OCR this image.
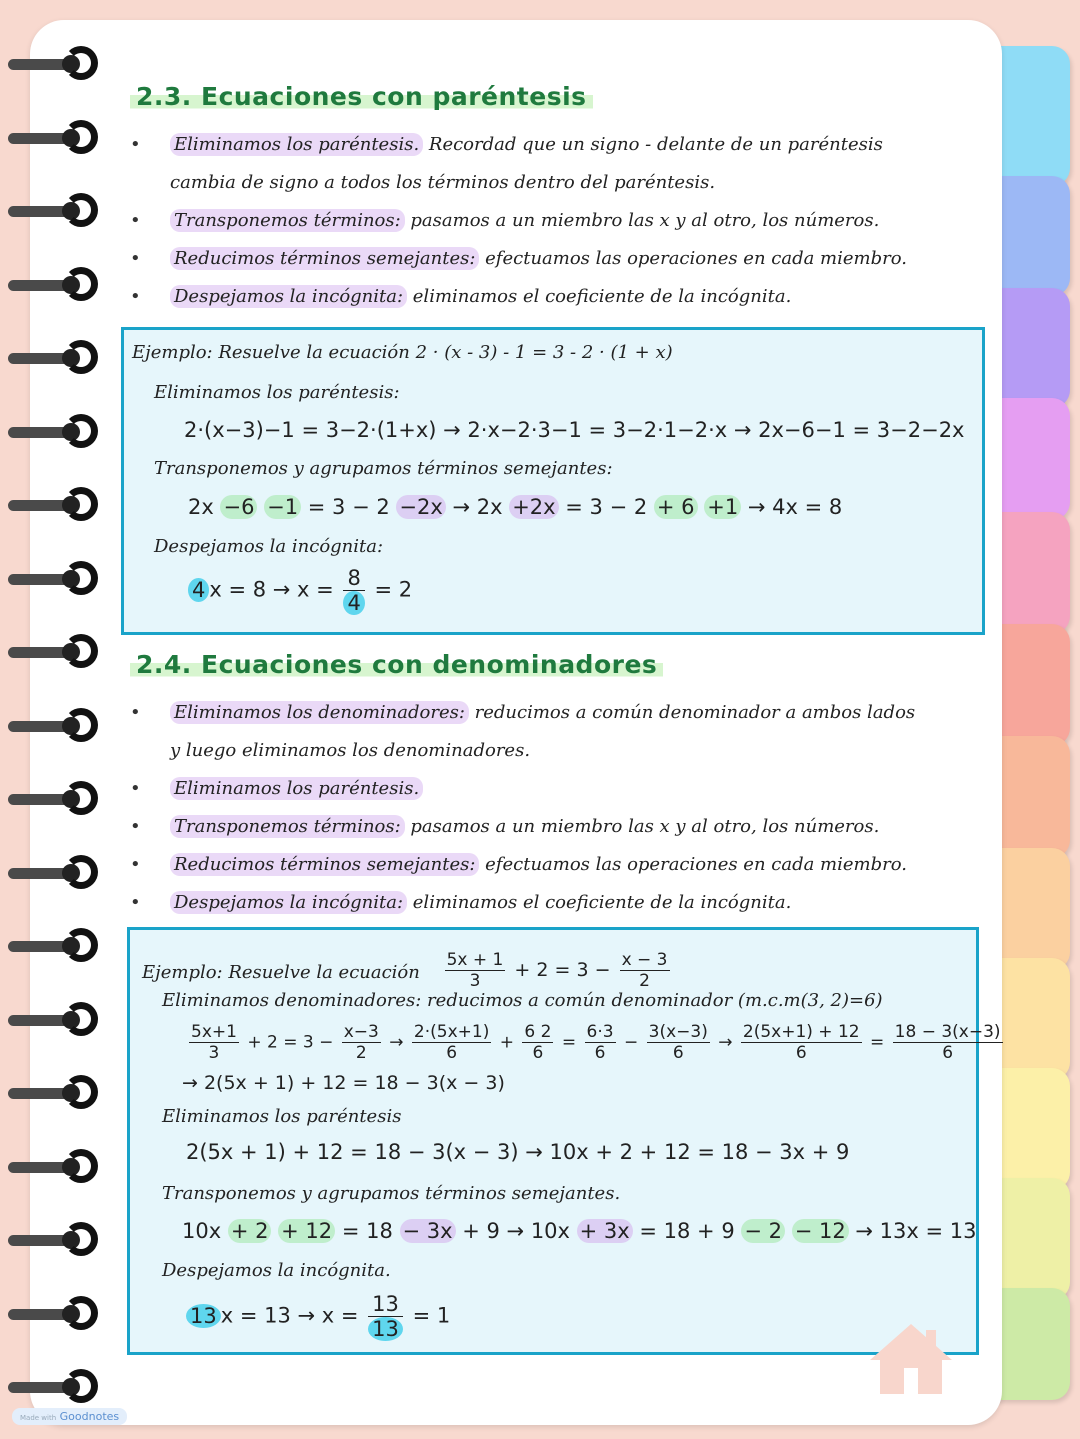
2.3. Ecuaciones con paréntesis
• Eliminamos los paréntesis. Recordad que un signo - delante de un paréntesis
cambia de signo a todos los términos dentro del paréntesis.
• Transponemos términos: pasamos a un miembro las x y al otro, los números.
• Reducimos términos semejantes: efectuamos las operaciones en cada miembro.
• Despejamos la incógnita: eliminamos el coeficiente de la incógnita.
Ejemplo: Resuelve la ecuación 2 · (x - 3) - 1 = 3 - 2 · (1 + x)
Eliminamos los paréntesis:
2·(x−3)−1 = 3−2·(1+x) → 2·x−2·3−1 = 3−2·1−2·x → 2x−6−1 = 3−2−2x
Transponemos y agrupamos términos semejantes:
2x −6 −1 = 3 − 2 −2x → 2x +2x = 3 − 2 + 6 +1 → 4x = 8
Despejamos la incógnita:
4 $x = 8 \to x = \frac{8}{4} = 2$
2.4. Ecuaciones con denominadores
• Eliminamos los denominadores: reducimos a común denominador a ambos lados
y luego eliminamos los denominadores.
• Eliminamos los paréntesis.
• Transponemos términos: pasamos a un miembro las x y al otro, los números.
• Reducimos términos semejantes: efectuamos las operaciones en cada miembro.
• Despejamos la incógnita: eliminamos el coeficiente de la incógnita.
Ejemplo: Resuelve la ecuación $\frac{5x + 1}{3} + 2 = 3 - \frac{x - 3}{2}$
Eliminamos denominadores: reducimos a común denominador (m.c.m(3, 2)=6)
$\frac{5x+1}{3} + 2 = 3 - \frac{x-3}{2} \to \frac{2\cdot(5x+1)}{6} + \frac{6 2}{6} = \frac{6\cdot 3}{6} - \frac{3(x-3)}{6} \to \frac{2(5x+1) + 12}{6} = \frac{18 - 3(x-3)}{6}$
→ 2(5x + 1) + 12 = 18 − 3(x − 3)
Eliminamos los paréntesis
2(5x + 1) + 12 = 18 − 3(x − 3) → 10x + 2 + 12 = 18 − 3x + 9
Transponemos y agrupamos términos semejantes.
10x + 2 + 12 = 18 − 3x + 9 → 10x + 3x = 18 + 9 − 2 − 12 → 13x = 13
Despejamos la incógnita.
13 $x = 13 \to x = \frac{13}{13} = 1$
Made with Goodnotes
